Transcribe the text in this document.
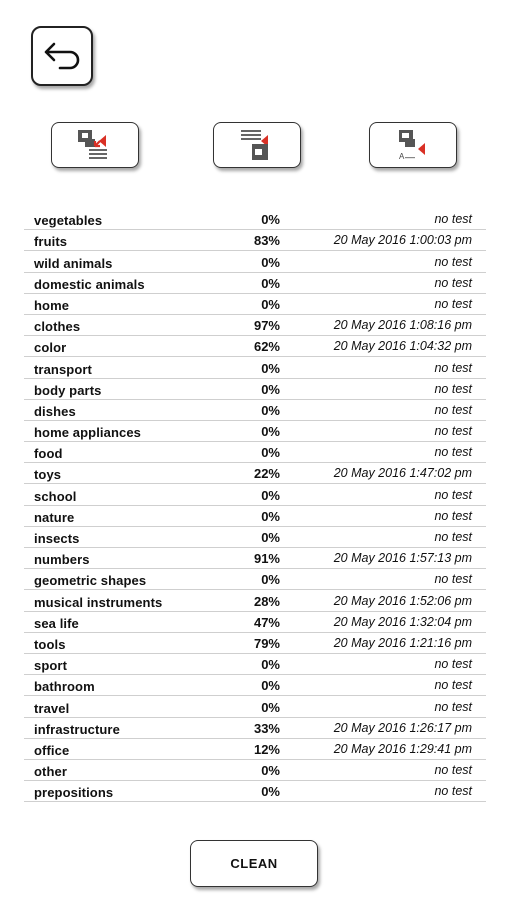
A
vegetables	0%	no test
fruits	83%	20 May 2016 1:00:03 pm
wild animals	0%	no test
domestic animals	0%	no test
home	0%	no test
clothes	97%	20 May 2016 1:08:16 pm
color	62%	20 May 2016 1:04:32 pm
transport	0%	no test
body parts	0%	no test
dishes	0%	no test
home appliances	0%	no test
food	0%	no test
toys	22%	20 May 2016 1:47:02 pm
school	0%	no test
nature	0%	no test
insects	0%	no test
numbers	91%	20 May 2016 1:57:13 pm
geometric shapes	0%	no test
musical instruments	28%	20 May 2016 1:52:06 pm
sea life	47%	20 May 2016 1:32:04 pm
tools	79%	20 May 2016 1:21:16 pm
sport	0%	no test
bathroom	0%	no test
travel	0%	no test
infrastructure	33%	20 May 2016 1:26:17 pm
office	12%	20 May 2016 1:29:41 pm
other	0%	no test
prepositions	0%	no test
CLEAN
